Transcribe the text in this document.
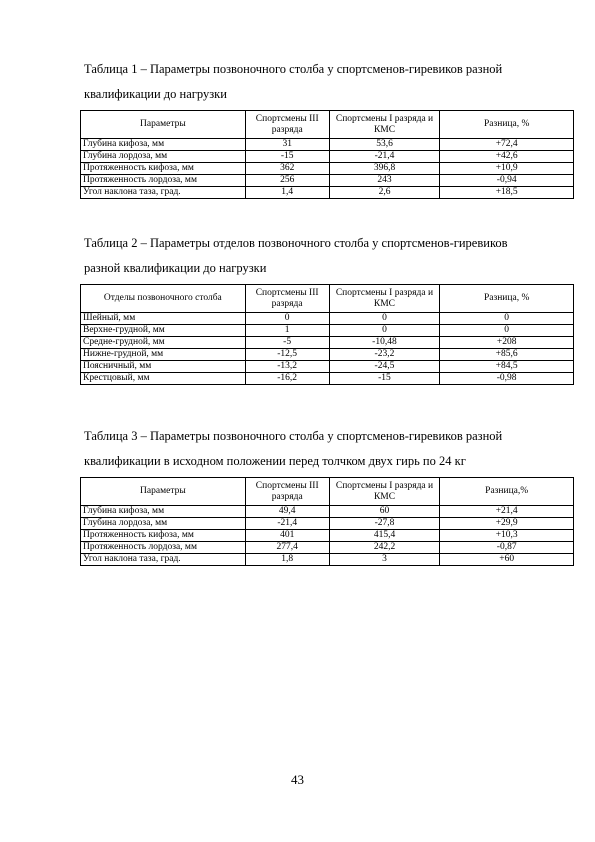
Таблица 1 – Параметры позвоночного столба у спортсменов-гиревиков разной
квалификации до нагрузки
Параметры	Спортсмены III разряда	Спортсмены I разряда и КМС	Разница, %
Глубина кифоза, мм	31	53,6	+72,4
Глубина лордоза, мм	-15	-21,4	+42,6
Протяженность кифоза, мм	362	396,8	+10,9
Протяженность лордоза, мм	256	243	-0,94
Угол наклона таза, град.	1,4	2,6	+18,5
Таблица 2 – Параметры отделов позвоночного столба у спортсменов-гиревиков
разной квалификации до нагрузки
Отделы позвоночного столба	Спортсмены III разряда	Спортсмены I разряда и КМС	Разница, %
Шейный, мм	0	0	0
Верхне-грудной, мм	1	0	0
Средне-грудной, мм	-5	-10,48	+208
Нижне-грудной, мм	-12,5	-23,2	+85,6
Поясничный, мм	-13,2	-24,5	+84,5
Крестцовый, мм	-16,2	-15	-0,98
Таблица 3 – Параметры позвоночного столба у спортсменов-гиревиков разной
квалификации в исходном положении перед толчком двух гирь по 24 кг
Параметры	Спортсмены III разряда	Спортсмены I разряда и КМС	Разница,%
Глубина кифоза, мм	49,4	60	+21,4
Глубина лордоза, мм	-21,4	-27,8	+29,9
Протяженность кифоза, мм	401	415,4	+10,3
Протяженность лордоза, мм	277,4	242,2	-0,87
Угол наклона таза, град.	1,8	3	+60
43
